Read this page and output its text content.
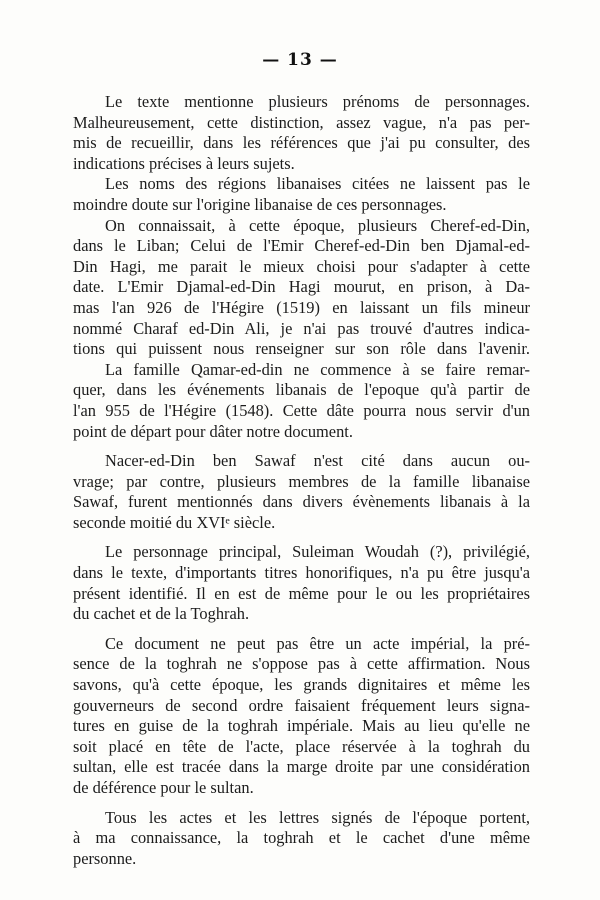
— 13 —
Le texte mentionne plusieurs prénoms de personnages.
Malheureusement, cette distinction, assez vague, n'a pas per-
mis de recueillir, dans les références que j'ai pu consulter, des
indications précises à leurs sujets.
Les noms des régions libanaises citées ne laissent pas le
moindre doute sur l'origine libanaise de ces personnages.
On connaissait, à cette époque, plusieurs Cheref-ed-Din,
dans le Liban; Celui de l'Emir Cheref-ed-Din ben Djamal-ed-
Din Hagi, me parait le mieux choisi pour s'adapter à cette
date. L'Emir Djamal-ed-Din Hagi mourut, en prison, à Da-
mas l'an 926 de l'Hégire (1519) en laissant un fils mineur
nommé Charaf ed-Din Ali, je n'ai pas trouvé d'autres indica-
tions qui puissent nous renseigner sur son rôle dans l'avenir.
La famille Qamar-ed-din ne commence à se faire remar-
quer, dans les événements libanais de l'epoque qu'à partir de
l'an 955 de l'Hégire (1548). Cette dâte pourra nous servir d'un
point de départ pour dâter notre document.
Nacer-ed-Din ben Sawaf n'est cité dans aucun ou-
vrage; par contre, plusieurs membres de la famille libanaise
Sawaf, furent mentionnés dans divers évènements libanais à la
seconde moitié du XVIᵉ siècle.
Le personnage principal, Suleiman Woudah (?), privilégié,
dans le texte, d'importants titres honorifiques, n'a pu être jusqu'a
présent identifié. Il en est de même pour le ou les propriétaires
du cachet et de la Toghrah.
Ce document ne peut pas être un acte impérial, la pré-
sence de la toghrah ne s'oppose pas à cette affirmation. Nous
savons, qu'à cette époque, les grands dignitaires et même les
gouverneurs de second ordre faisaient fréquement leurs signa-
tures en guise de la toghrah impériale. Mais au lieu qu'elle ne
soit placé en tête de l'acte, place réservée à la toghrah du
sultan, elle est tracée dans la marge droite par une considération
de déférence pour le sultan.
Tous les actes et les lettres signés de l'époque portent,
à ma connaissance, la toghrah et le cachet d'une même
personne.
